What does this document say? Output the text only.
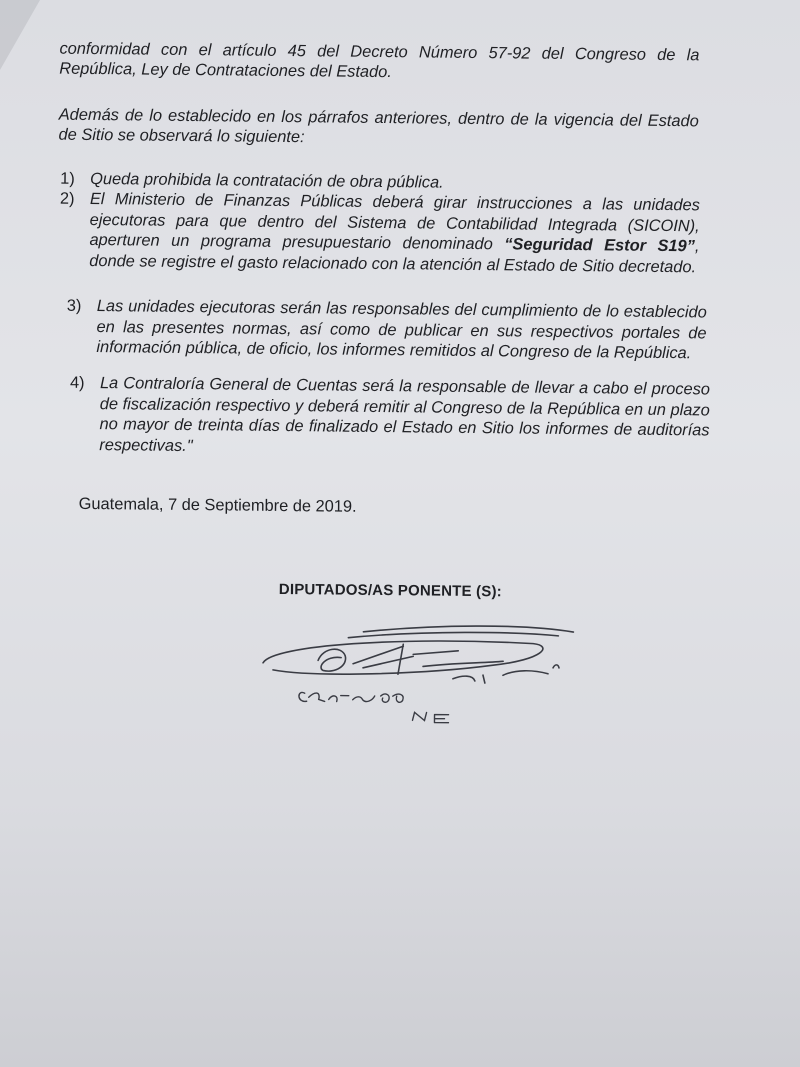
conformidad con el artículo 45 del Decreto Número 57-92 del Congreso de la República, Ley de Contrataciones del Estado.
Además de lo establecido en los párrafos anteriores, dentro de la vigencia del Estado de Sitio se observará lo siguiente:
1) Queda prohibida la contratación de obra pública.
2) El Ministerio de Finanzas Públicas deberá girar instrucciones a las unidades ejecutoras para que dentro del Sistema de Contabilidad Integrada (SICOIN), aperturen un programa presupuestario denominado “Seguridad Estor S19”, donde se registre el gasto relacionado con la atención al Estado de Sitio decretado.
3) Las unidades ejecutoras serán las responsables del cumplimiento de lo establecido en las presentes normas, así como de publicar en sus respectivos portales de información pública, de oficio, los informes remitidos al Congreso de la República.
4) La Contraloría General de Cuentas será la responsable de llevar a cabo el proceso de fiscalización respectivo y deberá remitir al Congreso de la República en un plazo no mayor de treinta días de finalizado el Estado en Sitio los informes de auditorías respectivas."
Guatemala, 7 de Septiembre de 2019.
DIPUTADOS/AS PONENTE (S):
